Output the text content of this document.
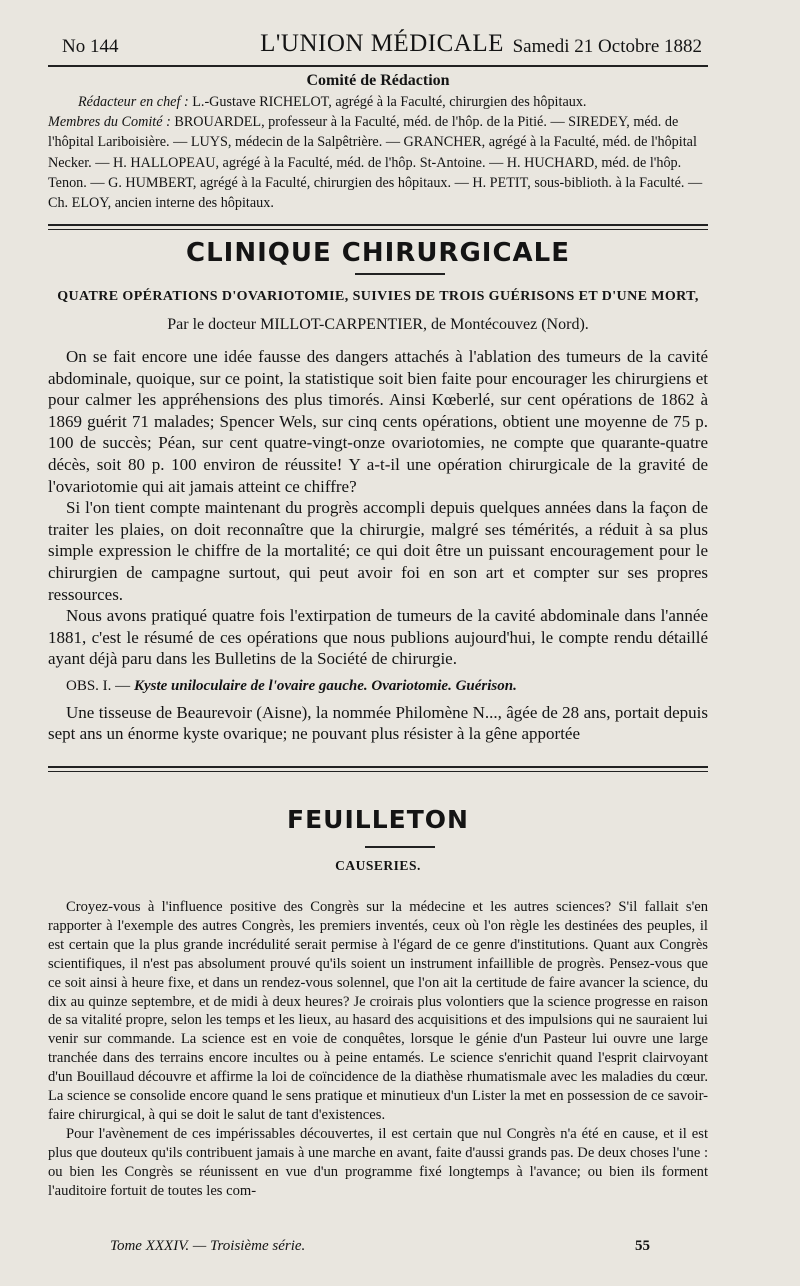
No 144	L'UNION MÉDICALE Samedi 21 Octobre 1882
Comité de Rédaction

Rédacteur en chef : L.-Gustave RICHELOT, agrégé à la Faculté, chirurgien des hôpitaux.

Membres du Comité : BROUARDEL, professeur à la Faculté, méd. de l'hôp. de la Pitié. — SIREDEY, méd. de l'hôpital Lariboisière. — LUYS, médecin de la Salpêtrière. — GRANCHER, agrégé à la Faculté, méd. de l'hôpital Necker. — H. HALLOPEAU, agrégé à la Faculté, méd. de l'hôp. St-Antoine. — H. HUCHARD, méd. de l'hôp. Tenon. — G. HUMBERT, agrégé à la Faculté, chirurgien des hôpitaux. — H. PETIT, sous-biblioth. à la Faculté. — Ch. ELOY, ancien interne des hôpitaux.

CLINIQUE CHIRURGICALE
QUATRE OPÉRATIONS D'OVARIOTOMIE, SUIVIES DE TROIS GUÉRISONS ET D'UNE MORT,
Par le docteur MILLOT-CARPENTIER, de Montécouvez (Nord).

On se fait encore une idée fausse des dangers attachés à l'ablation des tumeurs de la cavité abdominale, quoique, sur ce point, la statistique soit bien faite pour encourager les chirurgiens et pour calmer les appréhensions des plus timorés. Ainsi Kœberlé, sur cent opérations de 1862 à 1869 guérit 71 malades; Spencer Wels, sur cinq cents opérations, obtient une moyenne de 75 p. 100 de succès; Péan, sur cent quatre-vingt-onze ovariotomies, ne compte que quarante-quatre décès, soit 80 p. 100 environ de réussite! Y a-t-il une opération chirurgicale de la gravité de l'ovariotomie qui ait jamais atteint ce chiffre?

Si l'on tient compte maintenant du progrès accompli depuis quelques années dans la façon de traiter les plaies, on doit reconnaître que la chirurgie, malgré ses témérités, a réduit à sa plus simple expression le chiffre de la mortalité; ce qui doit être un puissant encouragement pour le chirurgien de campagne surtout, qui peut avoir foi en son art et compter sur ses propres ressources.

Nous avons pratiqué quatre fois l'extirpation de tumeurs de la cavité abdominale dans l'année 1881, c'est le résumé de ces opérations que nous publions aujourd'hui, le compte rendu détaillé ayant déjà paru dans les Bulletins de la Société de chirurgie.

OBS. I. — Kyste uniloculaire de l'ovaire gauche. Ovariotomie. Guérison.

Une tisseuse de Beaurevoir (Aisne), la nommée Philomène N..., âgée de 28 ans, portait depuis sept ans un énorme kyste ovarique; ne pouvant plus résister à la gêne apportée

FEUILLETON
CAUSERIES.

Croyez-vous à l'influence positive des Congrès sur la médecine et les autres sciences? S'il fallait s'en rapporter à l'exemple des autres Congrès, les premiers inventés, ceux où l'on règle les destinées des peuples, il est certain que la plus grande incrédulité serait permise à l'égard de ce genre d'institutions. Quant aux Congrès scientifiques, il n'est pas absolument prouvé qu'ils soient un instrument infaillible de progrès. Pensez-vous que ce soit ainsi à heure fixe, et dans un rendez-vous solennel, que l'on ait la certitude de faire avancer la science, du dix au quinze septembre, et de midi à deux heures? Je croirais plus volontiers que la science progresse en raison de sa vitalité propre, selon les temps et les lieux, au hasard des acquisitions et des impulsions qui ne sauraient lui venir sur commande. La science est en voie de conquêtes, lorsque le génie d'un Pasteur lui ouvre une large tranchée dans des terrains encore incultes ou à peine entamés. Le science s'enrichit quand l'esprit clairvoyant d'un Bouillaud découvre et affirme la loi de coïncidence de la diathèse rhumatismale avec les maladies du cœur. La science se consolide encore quand le sens pratique et minutieux d'un Lister la met en possession de ce savoir-faire chirurgical, à qui se doit le salut de tant d'existences.

Pour l'avènement de ces impérissables découvertes, il est certain que nul Congrès n'a été en cause, et il est plus que douteux qu'ils contribuent jamais à une marche en avant, faite d'aussi grands pas. De deux choses l'une : ou bien les Congrès se réunissent en vue d'un programme fixé longtemps à l'avance; ou bien ils forment l'auditoire fortuit de toutes les com-

Tome XXXIV. — Troisième série.	55
